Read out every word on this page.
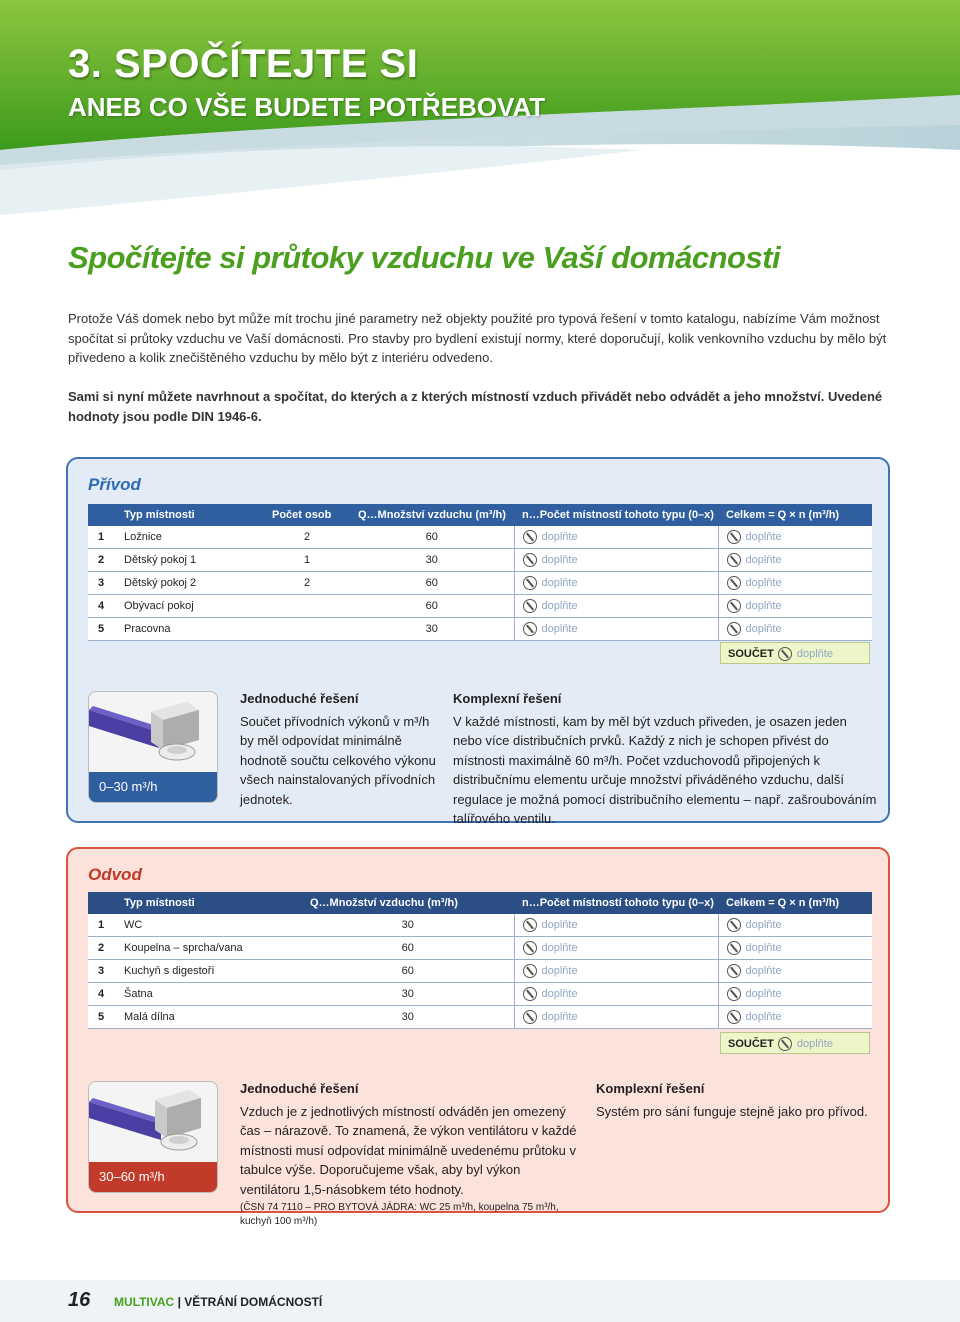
3. SPOČÍTEJTE SI
ANEB CO VŠE BUDETE POTŘEBOVAT
Spočítejte si průtoky vzduchu ve Vaší domácnosti

Protože Váš domek nebo byt může mít trochu jiné parametry než objekty použité pro typová řešení v tomto katalogu, nabízíme Vám možnost spočítat si průtoky vzduchu ve Vaší domácnosti. Pro stavby pro bydlení existují normy, které doporučují, kolik venkovního vzduchu by mělo být přivedeno a kolik znečištěného vzduchu by mělo být z interiéru odvedeno.

Sami si nyní můžete navrhnout a spočítat, do kterých a z kterých místností vzduch přivádět nebo odvádět a jeho množství. Uvedené hodnoty jsou podle DIN 1946-6.

Přívod
	Typ místnosti	Počet osob	Q…Množství vzduchu (m³/h)	n…Počet místností tohoto typu (0–x)	Celkem = Q × n (m³/h)
1	Ložnice	2	60	doplňte	doplňte
2	Dětský pokoj 1	1	30	doplňte	doplňte
3	Dětský pokoj 2	2	60	doplňte	doplňte
4	Obývací pokoj		60	doplňte	doplňte
5	Pracovna		30	doplňte	doplňte
SOUČET doplňte
0–30 m³/h
Jednoduché řešení

Součet přívodních výkonů v m³/h by měl odpovídat minimálně hodnotě součtu celkového výkonu všech nainstalovaných přívodních jednotek.

Komplexní řešení

V každé místnosti, kam by měl být vzduch přiveden, je osazen jeden nebo více distribučních prvků. Každý z nich je schopen přivést do místnosti maximálně 60 m³/h. Počet vzduchovodů připojených k distribučnímu elementu určuje množství přiváděného vzduchu, další regulace je možná pomocí distribučního elementu – např. zašroubováním talířového ventilu.

Odvod
	Typ místnosti	Q…Množství vzduchu (m³/h)	n…Počet místností tohoto typu (0–x)	Celkem = Q × n (m³/h)
1	WC	30	doplňte	doplňte
2	Koupelna – sprcha/vana	60	doplňte	doplňte
3	Kuchyň s digestoří	60	doplňte	doplňte
4	Šatna	30	doplňte	doplňte
5	Malá dílna	30	doplňte	doplňte
SOUČET doplňte
30–60 m³/h
Jednoduché řešení

Vzduch je z jednotlivých místností odváděn jen omezený čas – nárazově. To znamená, že výkon ventilátoru v každé místnosti musí odpovídat minimálně uvedenému průtoku v tabulce výše. Doporučujeme však, aby byl výkon ventilátoru 1,5-násobkem této hodnoty.

(ČSN 74 7110 – PRO BYTOVÁ JÁDRA: WC 25 m³/h, koupelna 75 m³/h, kuchyň 100 m³/h)

Komplexní řešení

Systém pro sání funguje stejně jako pro přívod.

16 MULTIVAC | VĚTRÁNÍ DOMÁCNOSTÍ
